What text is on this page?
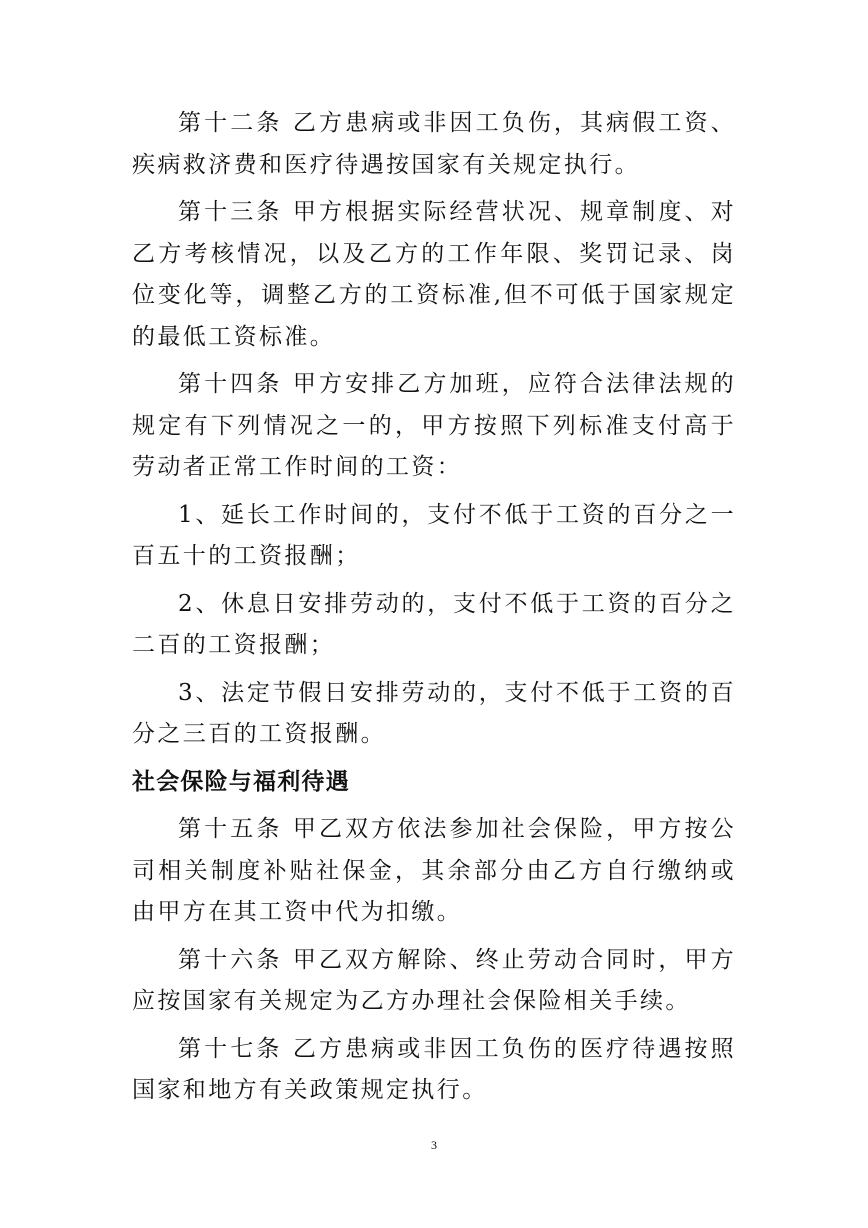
第十二条 乙方患病或非因工负伤，其病假工资、疾病救济费和医疗待遇按国家有关规定执行。

第十三条 甲方根据实际经营状况、规章制度、对乙方考核情况，以及乙方的工作年限、奖罚记录、岗位变化等，调整乙方的工资标准,但不可低于国家规定的最低工资标准。

第十四条 甲方安排乙方加班，应符合法律法规的规定有下列情况之一的，甲方按照下列标准支付高于劳动者正常工作时间的工资：

1、延长工作时间的，支付不低于工资的百分之一百五十的工资报酬；

2、休息日安排劳动的，支付不低于工资的百分之二百的工资报酬；

3、法定节假日安排劳动的，支付不低于工资的百分之三百的工资报酬。

社会保险与福利待遇

第十五条 甲乙双方依法参加社会保险，甲方按公司相关制度补贴社保金，其余部分由乙方自行缴纳或由甲方在其工资中代为扣缴。

第十六条 甲乙双方解除、终止劳动合同时，甲方应按国家有关规定为乙方办理社会保险相关手续。

第十七条 乙方患病或非因工负伤的医疗待遇按照国家和地方有关政策规定执行。

3
